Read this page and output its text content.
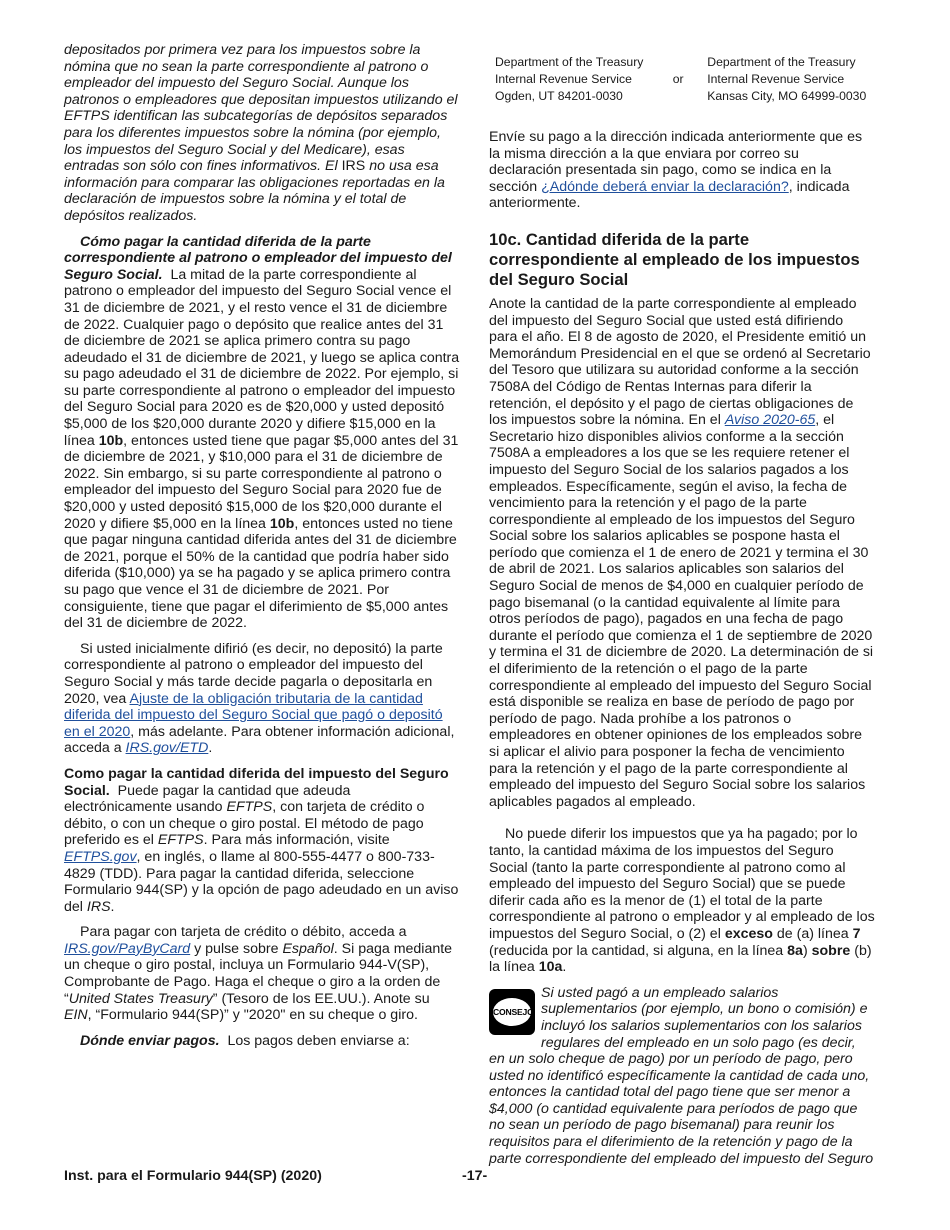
depositados por primera vez para los impuestos sobre la nómina que no sean la parte correspondiente al patrono o empleador del impuesto del Seguro Social. Aunque los patronos o empleadores que depositan impuestos utilizando el EFTPS identifican las subcategorías de depósitos separados para los diferentes impuestos sobre la nómina (por ejemplo, los impuestos del Seguro Social y del Medicare), esas entradas son sólo con fines informativos. El IRS no usa esa información para comparar las obligaciones reportadas en la declaración de impuestos sobre la nómina y el total de depósitos realizados.

Cómo pagar la cantidad diferida de la parte correspondiente al patrono o empleador del impuesto del Seguro Social. La mitad de la parte correspondiente al patrono o empleador del impuesto del Seguro Social vence el 31 de diciembre de 2021, y el resto vence el 31 de diciembre de 2022. Cualquier pago o depósito que realice antes del 31 de diciembre de 2021 se aplica primero contra su pago adeudado el 31 de diciembre de 2021, y luego se aplica contra su pago adeudado el 31 de diciembre de 2022. Por ejemplo, si su parte correspondiente al patrono o empleador del impuesto del Seguro Social para 2020 es de $20,000 y usted depositó $5,000 de los $20,000 durante 2020 y difiere $15,000 en la línea 10b, entonces usted tiene que pagar $5,000 antes del 31 de diciembre de 2021, y $10,000 para el 31 de diciembre de 2022. Sin embargo, si su parte correspondiente al patrono o empleador del impuesto del Seguro Social para 2020 fue de $20,000 y usted depositó $15,000 de los $20,000 durante el 2020 y difiere $5,000 en la línea 10b, entonces usted no tiene que pagar ninguna cantidad diferida antes del 31 de diciembre de 2021, porque el 50% de la cantidad que podría haber sido diferida ($10,000) ya se ha pagado y se aplica primero contra su pago que vence el 31 de diciembre de 2021. Por consiguiente, tiene que pagar el diferimiento de $5,000 antes del 31 de diciembre de 2022.

Si usted inicialmente difirió (es decir, no depositó) la parte correspondiente al patrono o empleador del impuesto del Seguro Social y más tarde decide pagarla o depositarla en 2020, vea Ajuste de la obligación tributaria de la cantidad diferida del impuesto del Seguro Social que pagó o depositó en el 2020, más adelante. Para obtener información adicional, acceda a IRS.gov/ETD.

Como pagar la cantidad diferida del impuesto del Seguro Social. Puede pagar la cantidad que adeuda electrónicamente usando EFTPS, con tarjeta de crédito o débito, o con un cheque o giro postal. El método de pago preferido es el EFTPS. Para más información, visite EFTPS.gov, en inglés, o llame al 800-555-4477 o 800-733-4829 (TDD). Para pagar la cantidad diferida, seleccione Formulario 944(SP) y la opción de pago adeudado en un aviso del IRS.

Para pagar con tarjeta de crédito o débito, acceda a IRS.gov/PayByCard y pulse sobre Español. Si paga mediante un cheque o giro postal, incluya un Formulario 944-V(SP), Comprobante de Pago. Haga el cheque o giro a la orden de “United States Treasury” (Tesoro de los EE.UU.). Anote su EIN, “Formulario 944(SP)” y "2020" en su cheque o giro.

Dónde enviar pagos. Los pagos deben enviarse a:

Department of the Treasury
Internal Revenue Service
Ogden, UT 84201-0030
or
Department of the Treasury
Internal Revenue Service
Kansas City, MO 64999-0030

Envíe su pago a la dirección indicada anteriormente que es la misma dirección a la que enviara por correo su declaración presentada sin pago, como se indica en la sección ¿Adónde deberá enviar la declaración?, indicada anteriormente.

10c. Cantidad diferida de la parte correspondiente al empleado de los impuestos del Seguro Social

Anote la cantidad de la parte correspondiente al empleado del impuesto del Seguro Social que usted está difiriendo para el año. El 8 de agosto de 2020, el Presidente emitió un Memorándum Presidencial en el que se ordenó al Secretario del Tesoro que utilizara su autoridad conforme a la sección 7508A del Código de Rentas Internas para diferir la retención, el depósito y el pago de ciertas obligaciones de los impuestos sobre la nómina. En el Aviso 2020-65, el Secretario hizo disponibles alivios conforme a la sección 7508A a empleadores a los que se les requiere retener el impuesto del Seguro Social de los salarios pagados a los empleados. Específicamente, según el aviso, la fecha de vencimiento para la retención y el pago de la parte correspondiente al empleado de los impuestos del Seguro Social sobre los salarios aplicables se pospone hasta el período que comienza el 1 de enero de 2021 y termina el 30 de abril de 2021. Los salarios aplicables son salarios del Seguro Social de menos de $4,000 en cualquier período de pago bisemanal (o la cantidad equivalente al límite para otros períodos de pago), pagados en una fecha de pago durante el período que comienza el 1 de septiembre de 2020 y termina el 31 de diciembre de 2020. La determinación de si el diferimiento de la retención o el pago de la parte correspondiente al empleado del impuesto del Seguro Social está disponible se realiza en base de período de pago por período de pago. Nada prohíbe a los patronos o empleadores en obtener opiniones de los empleados sobre si aplicar el alivio para posponer la fecha de vencimiento para la retención y el pago de la parte correspondiente al empleado del impuesto del Seguro Social sobre los salarios aplicables pagados al empleado.

No puede diferir los impuestos que ya ha pagado; por lo tanto, la cantidad máxima de los impuestos del Seguro Social (tanto la parte correspondiente al patrono como al empleado del impuesto del Seguro Social) que se puede diferir cada año es la menor de (1) el total de la parte correspondiente al patrono o empleador y al empleado de los impuestos del Seguro Social, o (2) el exceso de (a) línea 7 (reducida por la cantidad, si alguna, en la línea 8a) sobre (b) la línea 10a.

CONSEJO
Si usted pagó a un empleado salarios suplementarios (por ejemplo, un bono o comisión) e incluyó los salarios suplementarios con los salarios regulares del empleado en un solo pago (es decir, en un solo cheque de pago) por un período de pago, pero usted no identificó específicamente la cantidad de cada uno, entonces la cantidad total del pago tiene que ser menor a $4,000 (o cantidad equivalente para períodos de pago que no sean un período de pago bisemanal) para reunir los requisitos para el diferimiento de la retención y pago de la parte correspondiente del empleado del impuesto del Seguro
Inst. para el Formulario 944(SP) (2020)	-17-
